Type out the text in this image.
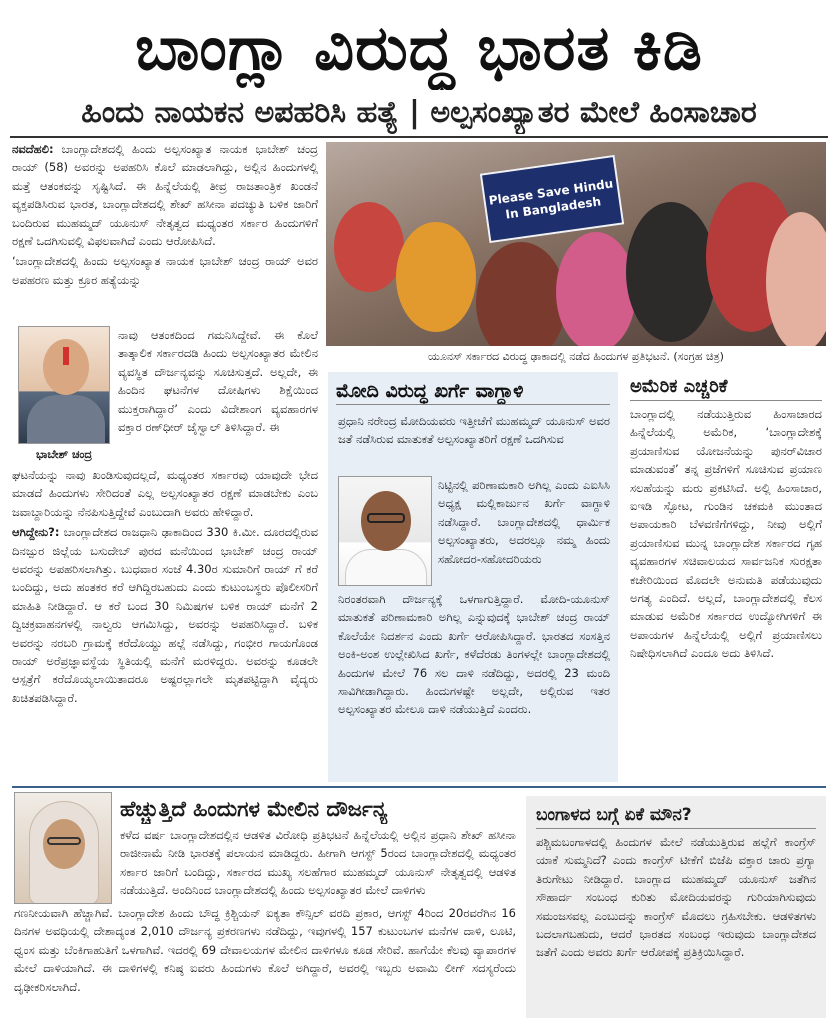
ಬಾಂಗ್ಲಾ ವಿರುದ್ಧ ಭಾರತ ಕಿಡಿ
ಹಿಂದು ನಾಯಕನ ಅಪಹರಿಸಿ ಹತ್ಯೆ | ಅಲ್ಪಸಂಖ್ಯಾತರ ಮೇಲೆ ಹಿಂಸಾಚಾರ

ನವದೆಹಲಿ: ಬಾಂಗ್ಲಾದೇಶದಲ್ಲಿ ಹಿಂದು ಅಲ್ಪಸಂಖ್ಯಾತ ನಾಯಕ ಭಾಬೇಶ್ ಚಂದ್ರ ರಾಯ್ (58) ಅವರನ್ನು ಅಪಹರಿಸಿ ಕೊಲೆ ಮಾಡಲಾಗಿದ್ದು, ಅಲ್ಲಿನ ಹಿಂದುಗಳಲ್ಲಿ ಮತ್ತೆ ಆತಂಕವನ್ನು ಸೃಷ್ಟಿಸಿದೆ. ಈ ಹಿನ್ನೆಲೆಯಲ್ಲಿ ತೀವ್ರ ರಾಜತಾಂತ್ರಿಕ ಖಂಡನೆ ವ್ಯಕ್ತಪಡಿಸಿರುವ ಭಾರತ, ಬಾಂಗ್ಲಾದೇಶದಲ್ಲಿ ಶೇಖ್ ಹಸೀನಾ ಪದಚ್ಯುತಿ ಬಳಿಕ ಜಾರಿಗೆ ಬಂದಿರುವ ಮುಹಮ್ಮದ್ ಯೂನುಸ್ ನೇತೃತ್ವದ ಮಧ್ಯಂತರ ಸರ್ಕಾರ ಹಿಂದುಗಳಿಗೆ ರಕ್ಷಣೆ ಒದಗಿಸುವಲ್ಲಿ ವಿಫಲವಾಗಿದೆ ಎಂದು ಆರೋಪಿಸಿದೆ.

‘ಬಾಂಗ್ಲಾದೇಶದಲ್ಲಿ ಹಿಂದು ಅಲ್ಪಸಂಖ್ಯಾತ ನಾಯಕ ಭಾಬೇಶ್ ಚಂದ್ರ ರಾಯ್ ಅವರ ಅಪಹರಣ ಮತ್ತು ಕ್ರೂರ ಹತ್ಯೆಯನ್ನು

ಭಾಬೇಶ್ ಚಂದ್ರ

ನಾವು ಆತಂಕದಿಂದ ಗಮನಿಸಿದ್ದೇವೆ. ಈ ಕೊಲೆ ತಾತ್ಕಾಲಿಕ ಸರ್ಕಾರದಡಿ ಹಿಂದು ಅಲ್ಪಸಂಖ್ಯಾತರ ಮೇಲಿನ ವ್ಯವಸ್ಥಿತ ದೌರ್ಜನ್ಯವನ್ನು ಸೂಚಿಸುತ್ತದೆ. ಅಲ್ಲದೇ, ಈ ಹಿಂದಿನ ಘಟನೆಗಳ ದೋಷಿಗಳು ಶಿಕ್ಷೆಯಿಂದ ಮುಕ್ತರಾಗಿದ್ದಾರೆ’ ಎಂದು ವಿದೇಶಾಂಗ ವ್ಯವಹಾರಗಳ ವಕ್ತಾರ ರಣ್‌ಧೀರ್ ಜೈಸ್ವಾಲ್ ತಿಳಿಸಿದ್ದಾರೆ. ಈ

ಘಟನೆಯನ್ನು ನಾವು ಖಂಡಿಸುವುದಲ್ಲದೆ, ಮಧ್ಯಂತರ ಸರ್ಕಾರವು ಯಾವುದೇ ಭೇದ ಮಾಡದೆ ಹಿಂದುಗಳು ಸೇರಿದಂತೆ ಎಲ್ಲ ಅಲ್ಪಸಂಖ್ಯಾತರ ರಕ್ಷಣೆ ಮಾಡಬೇಕು ಎಂಬ ಜವಾಬ್ದಾರಿಯನ್ನು ನೆನಪಿಸುತ್ತಿದ್ದೇವೆ ಎಂಬುದಾಗಿ ಅವರು ಹೇಳಿದ್ದಾರೆ.

ಆಗಿದ್ದೇನು?: ಬಾಂಗ್ಲಾದೇಶದ ರಾಜಧಾನಿ ಢಾಕಾದಿಂದ 330 ಕಿ.ಮೀ. ದೂರದಲ್ಲಿರುವ ದಿನಜ್ಪುರ ಜಿಲ್ಲೆಯ ಬಸುದೇಬ್ ಪುರದ ಮನೆಯಿಂದ ಭಾಬೇಶ್ ಚಂದ್ರ ರಾಯ್ ಅವರನ್ನು ಅಪಹರಿಸಲಾಗಿತ್ತು. ಬುಧವಾರ ಸಂಜೆ 4.30ರ ಸುಮಾರಿಗೆ ರಾಯ್ ಗೆ ಕರೆ ಬಂದಿದ್ದು, ಅದು ಹಂತಕರ ಕರೆ ಆಗಿದ್ದಿರಬಹುದು ಎಂದು ಕುಟುಂಬಸ್ಥರು ಪೊಲೀಸರಿಗೆ ಮಾಹಿತಿ ನೀಡಿದ್ದಾರೆ. ಆ ಕರೆ ಬಂದ 30 ನಿಮಿಷಗಳ ಬಳಿಕ ರಾಯ್ ಮನೆಗೆ 2 ದ್ವಿಚಕ್ರವಾಹನಗಳಲ್ಲಿ ನಾಲ್ವರು ಆಗಮಿಸಿದ್ದು, ಅವರನ್ನು ಅಪಹರಿಸಿದ್ದಾರೆ. ಬಳಿಕ ಅವರನ್ನು ನರಬರಿ ಗ್ರಾಮಕ್ಕೆ ಕರೆದೊಯ್ದು ಹಲ್ಲೆ ನಡೆಸಿದ್ದು, ಗಂಭೀರ ಗಾಯಗೊಂಡ ರಾಯ್ ಅರೆಪ್ರಜ್ಞಾವಸ್ಥೆಯ ಸ್ಥಿತಿಯಲ್ಲಿ ಮನೆಗೆ ಮರಳಿದ್ದರು. ಅವರನ್ನು ಕೂಡಲೇ ಆಸ್ಪತ್ರೆಗೆ ಕರೆದೊಯ್ಯಲಾಯಿತಾದರೂ ಅಷ್ಟರಲ್ಲಾಗಲೇ ಮೃತಪಟ್ಟಿದ್ದಾಗಿ ವೈದ್ಯರು ಖಚಿತಪಡಿಸಿದ್ದಾರೆ.

Please Save Hindu In Bangladesh
ಯೂನಸ್ ಸರ್ಕಾರದ ವಿರುದ್ಧ ಢಾಕಾದಲ್ಲಿ ನಡೆದ ಹಿಂದುಗಳ ಪ್ರತಿಭಟನೆ. (ಸಂಗ್ರಹ ಚಿತ್ರ)
ಮೋದಿ ವಿರುದ್ಧ ಖರ್ಗೆ ವಾಗ್ದಾಳಿ
ಪ್ರಧಾನಿ ನರೇಂದ್ರ ಮೋದಿಯವರು ಇತ್ತೀಚೆಗೆ ಮುಹಮ್ಮದ್ ಯೂನುಸ್ ಅವರ ಜತೆ ನಡೆಸಿರುವ ಮಾತುಕತೆ ಅಲ್ಪಸಂಖ್ಯಾತರಿಗೆ ರಕ್ಷಣೆ ಒದಗಿಸುವ
ನಿಟ್ಟಿನಲ್ಲಿ ಪರಿಣಾಮಕಾರಿ ಅಗಿಲ್ಲ ಎಂದು ಎಐಸಿಸಿ ಅಧ್ಯಕ್ಷ ಮಲ್ಲಿಕಾರ್ಜುನ ಖರ್ಗೆ ವಾಗ್ದಾಳಿ ನಡೆಸಿದ್ದಾರೆ. ಬಾಂಗ್ಲಾದೇಶದಲ್ಲಿ ಧಾರ್ಮಿಕ ಅಲ್ಪಸಂಖ್ಯಾತರು, ಅದರಲ್ಲೂ ನಮ್ಮ ಹಿಂದು ಸಹೋದರ-ಸಹೋದರಿಯರು
ನಿರಂತರವಾಗಿ ದೌರ್ಜನ್ಯಕ್ಕೆ ಒಳಗಾಗುತ್ತಿದ್ದಾರೆ. ಮೋದಿ-ಯೂನುಸ್ ಮಾತುಕತೆ ಪರಿಣಾಮಕಾರಿ ಅಗಿಲ್ಲ ಎನ್ನುವುದಕ್ಕೆ ಭಾಬೇಶ್ ಚಂದ್ರ ರಾಯ್ ಕೊಲೆಯೇ ನಿದರ್ಶನ ಎಂದು ಖರ್ಗೆ ಆರೋಪಿಸಿದ್ದಾರೆ. ಭಾರತದ ಸಂಸತ್ತಿನ ಅಂಕಿ-ಅಂಶ ಉಲ್ಲೇಖಿಸಿದ ಖರ್ಗೆ, ಕಳೆದೆರಡು ತಿಂಗಳಲ್ಲೇ ಬಾಂಗ್ಲಾದೇಶದಲ್ಲಿ ಹಿಂದುಗಳ ಮೇಲೆ 76 ಸಲ ದಾಳಿ ನಡೆದಿದ್ದು, ಅದರಲ್ಲಿ 23 ಮಂದಿ ಸಾವಿಗೀಡಾಗಿದ್ದಾರು. ಹಿಂದುಗಳಷ್ಟೇ ಅಲ್ಲದೇ, ಅಲ್ಲಿರುವ ಇತರ ಅಲ್ಪಸಂಖ್ಯಾತರ ಮೇಲೂ ದಾಳಿ ನಡೆಯುತ್ತಿದೆ ಎಂದರು.
ಅಮೆರಿಕ ಎಚ್ಚರಿಕೆ
ಬಾಂಗ್ಲಾದಲ್ಲಿ ನಡೆಯುತ್ತಿರುವ ಹಿಂಸಾಚಾರದ ಹಿನ್ನೆಲೆಯಲ್ಲಿ ಅಮೆರಿಕ, ‘ಬಾಂಗ್ಲಾದೇಶಕ್ಕೆ ಪ್ರಯಾಣಿಸುವ ಯೋಜನೆಯನ್ನು ಪುನರ್‌ವಿಚಾರ ಮಾಡುವಂತೆ’ ತನ್ನ ಪ್ರಜೆಗಳಿಗೆ ಸೂಚಿಸುವ ಪ್ರಯಾಣ ಸಲಹೆಯನ್ನು ಮರು ಪ್ರಕಟಿಸಿದೆ. ಅಲ್ಲಿ ಹಿಂಸಾಚಾರ, ಐಇಡಿ ಸ್ಫೋಟ, ಗುಂಡಿನ ಚಕಮಕಿ ಮುಂತಾದ ಅಪಾಯಕಾರಿ ಬೆಳವಣಿಗೆಗಳಿದ್ದು, ನೀವು ಅಲ್ಲಿಗೆ ಪ್ರಯಾಣಿಸುವ ಮುನ್ನ ಬಾಂಗ್ಲಾದೇಶ ಸರ್ಕಾರದ ಗೃಹ ವ್ಯವಹಾರಗಳ ಸಚಿವಾಲಯದ ಸಾರ್ವಜನಿಕ ಸುರಕ್ಷತಾ ಕಚೇರಿಯಿಂದ ಮೊದಲೇ ಅನುಮತಿ ಪಡೆಯುವುದು ಅಗತ್ಯ ಎಂದಿದೆ. ಅಲ್ಲದೆ, ಬಾಂಗ್ಲಾದೇಶದಲ್ಲಿ ಕೆಲಸ ಮಾಡುವ ಅಮೆರಿಕ ಸರ್ಕಾರದ ಉದ್ಯೋಗಿಗಳಿಗೆ ಈ ಅಪಾಯಗಳ ಹಿನ್ನೆಲೆಯಲ್ಲಿ ಅಲ್ಲಿಗೆ ಪ್ರಯಾಣಿಸಲು ನಿಷೇಧಿಸಲಾಗಿದೆ ಎಂದೂ ಅದು ತಿಳಿಸಿದೆ.
ಹೆಚ್ಚುತ್ತಿದೆ ಹಿಂದುಗಳ ಮೇಲಿನ ದೌರ್ಜನ್ಯ
ಕಳೆದ ವರ್ಷ ಬಾಂಗ್ಲಾದೇಶದಲ್ಲಿನ ಆಡಳಿತ ವಿರೋಧಿ ಪ್ರತಿಭಟನೆ ಹಿನ್ನೆಲೆಯಲ್ಲಿ ಅಲ್ಲಿನ ಪ್ರಧಾನಿ ಶೇಖ್ ಹಸೀನಾ ರಾಜೀನಾಮೆ ನೀಡಿ ಭಾರತಕ್ಕೆ ಪಲಾಯನ ಮಾಡಿದ್ದರು. ಹೀಗಾಗಿ ಆಗಸ್ಟ್ 5ರಂದ ಬಾಂಗ್ಲಾದೇಶದಲ್ಲಿ ಮಧ್ಯಂತರ ಸರ್ಕಾರ ಜಾರಿಗೆ ಬಂದಿದ್ದು, ಸರ್ಕಾರದ ಮುಖ್ಯ ಸಲಹೆಗಾರ ಮುಹಮ್ಮದ್ ಯೂನುಸ್ ನೇತೃತ್ವದಲ್ಲಿ ಆಡಳಿತ ನಡೆಯುತ್ತಿದೆ. ಅಂದಿನಿಂದ ಬಾಂಗ್ಲಾದೇಶದಲ್ಲಿ ಹಿಂದು ಅಲ್ಪಸಂಖ್ಯಾತರ ಮೇಲೆ ದಾಳಿಗಳು
ಗಣನೀಯವಾಗಿ ಹೆಚ್ಚಾಗಿವೆ. ಬಾಂಗ್ಲಾದೇಶ ಹಿಂದು ಬೌದ್ಧ ಕ್ರಿಶ್ಚಿಯನ್ ಐಕ್ಯತಾ ಕೌನ್ಸಿಲ್ ವರದಿ ಪ್ರಕಾರ, ಆಗಸ್ಟ್ 4ರಿಂದ 20ರವರೆಗಿನ 16 ದಿನಗಳ ಅವಧಿಯಲ್ಲಿ ದೇಶಾದ್ಯಂತ 2,010 ದೌರ್ಜನ್ಯ ಪ್ರಕರಣಗಳು ನಡೆದಿದ್ದು, ಇವುಗಳಲ್ಲಿ 157 ಕುಟುಂಬಗಳ ಮನೆಗಳ ದಾಳಿ, ಲೂಟಿ, ಧ್ವಂಸ ಮತ್ತು ಬೆಂಕಿಗಾಹುತಿಗೆ ಒಳಗಾಗಿವೆ. ಇದರಲ್ಲಿ 69 ದೇವಾಲಯಗಳ ಮೇಲಿನ ದಾಳಿಗಳೂ ಕೂಡ ಸೇರಿವೆ. ಹಾಗೆಯೇ ಕೆಲವು ವ್ಯಾಪಾರಗಳ ಮೇಲೆ ದಾಳಿಯಾಗಿದೆ. ಈ ದಾಳಿಗಳಲ್ಲಿ ಕನಿಷ್ಠ ಐವರು ಹಿಂದುಗಳು ಕೊಲೆ ಅಗಿದ್ದಾರೆ, ಅವರಲ್ಲಿ ಇಬ್ಬರು ಅವಾಮಿ ಲೀಗ್ ಸದಸ್ಯರೆಂದು ದೃಢೀಕರಿಸಲಾಗಿದೆ.
ಬಂಗಾಳದ ಬಗ್ಗೆ ಏಕೆ ಮೌನ?
ಪಶ್ಚಿಮಬಂಗಾಳದಲ್ಲಿ ಹಿಂದುಗಳ ಮೇಲೆ ನಡೆಯುತ್ತಿರುವ ಹಲ್ಲೆಗೆ ಕಾಂಗ್ರೆಸ್ ಯಾಕೆ ಸುಮ್ಮನಿದೆ? ಎಂದು ಕಾಂಗ್ರೆಸ್ ಟೀಕೆಗೆ ಬಿಜೆಪಿ ವಕ್ತಾರ ಚಾರು ಪ್ರಗ್ಯಾ ತಿರುಗೇಟು ನೀಡಿದ್ದಾರೆ. ಬಾಂಗ್ಲಾದ ಮುಹಮ್ಮದ್ ಯೂನುಸ್ ಜತೆಗಿನ ಸೌಹಾರ್ದ ಸಂಬಂಧ ಕುರಿತು ಮೋದಿಯವರನ್ನು ಗುರಿಯಾಗಿಸುವುದು ಸಮಂಜಸವಲ್ಲ ಎಂಬುದನ್ನು ಕಾಂಗ್ರೆಸ್ ಮೊದಲು ಗ್ರಹಿಸಬೇಕು. ಆಡಳಿತಗಳು ಬದಲಾಗಬಹುದು, ಆದರೆ ಭಾರತದ ಸಂಬಂಧ ಇರುವುದು ಬಾಂಗ್ಲಾದೇಶದ ಜತೆಗೆ ಎಂದು ಅವರು ಖರ್ಗೆ ಆರೋಪಕ್ಕೆ ಪ್ರತಿಕ್ರಿಯಿಸಿದ್ದಾರೆ.
